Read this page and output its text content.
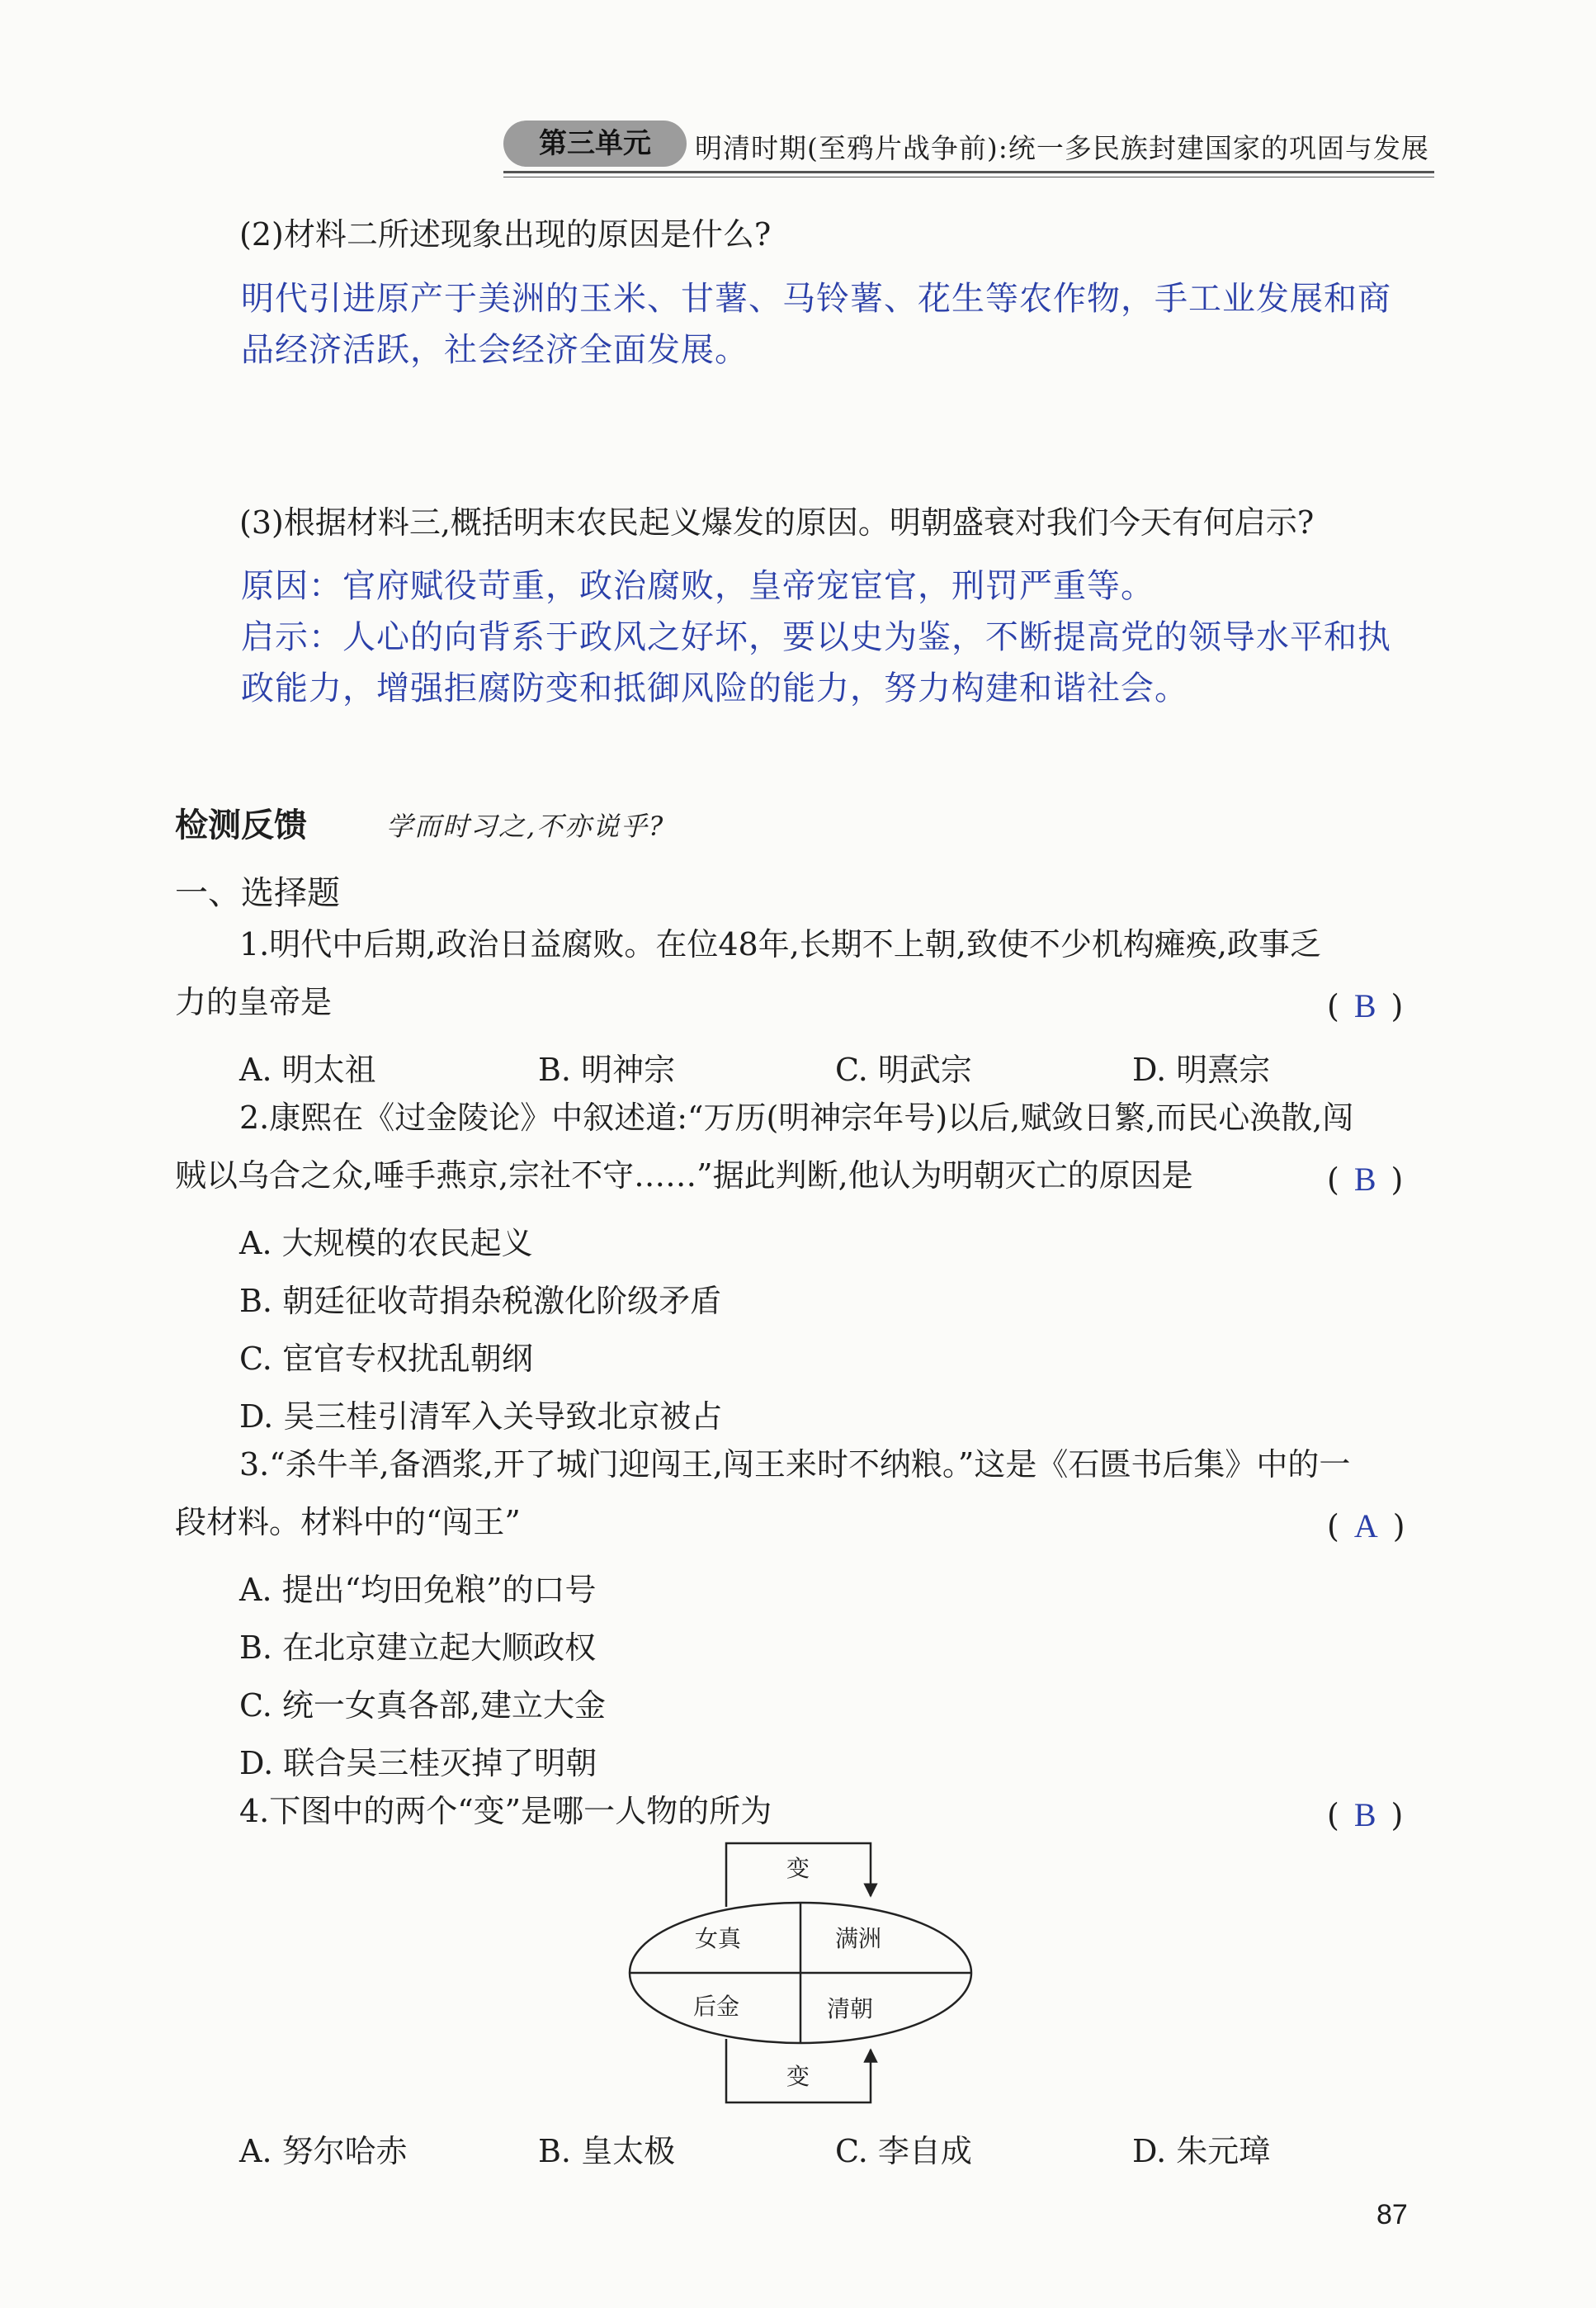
第三单元	明清时期(至鸦片战争前):统一多民族封建国家的巩固与发展
(2)材料二所述现象出现的原因是什么?
明代引进原产于美洲的玉米、甘薯、马铃薯、花生等农作物，手工业发展和商
品经济活跃，社会经济全面发展。
(3)根据材料三,概括明末农民起义爆发的原因。明朝盛衰对我们今天有何启示?
原因：官府赋役苛重，政治腐败，皇帝宠宦官，刑罚严重等。
启示：人心的向背系于政风之好坏，要以史为鉴，不断提高党的领导水平和执
政能力，增强拒腐防变和抵御风险的能力，努力构建和谐社会。
检测反馈	学而时习之,不亦说乎?
一、选择题
1.明代中后期,政治日益腐败。在位48年,长期不上朝,致使不少机构瘫痪,政事乏
力的皇帝是	( B )
A. 明太祖	B. 明神宗	C. 明武宗	D. 明熹宗
2.康熙在《过金陵论》中叙述道:“万历(明神宗年号)以后,赋敛日繁,而民心涣散,闯
贼以乌合之众,唾手燕京,宗社不守……”据此判断,他认为明朝灭亡的原因是	( B )
A. 大规模的农民起义
B. 朝廷征收苛捐杂税激化阶级矛盾
C. 宦官专权扰乱朝纲
D. 吴三桂引清军入关导致北京被占
3.“杀牛羊,备酒浆,开了城门迎闯王,闯王来时不纳粮。”这是《石匮书后集》中的一
段材料。材料中的“闯王”	( A )
A. 提出“均田免粮”的口号
B. 在北京建立起大顺政权
C. 统一女真各部,建立大金
D. 联合吴三桂灭掉了明朝
4.下图中的两个“变”是哪一人物的所为	( B )
变
变
女真	满洲
后金	清朝
A. 努尔哈赤	B. 皇太极	C. 李自成	D. 朱元璋
87
